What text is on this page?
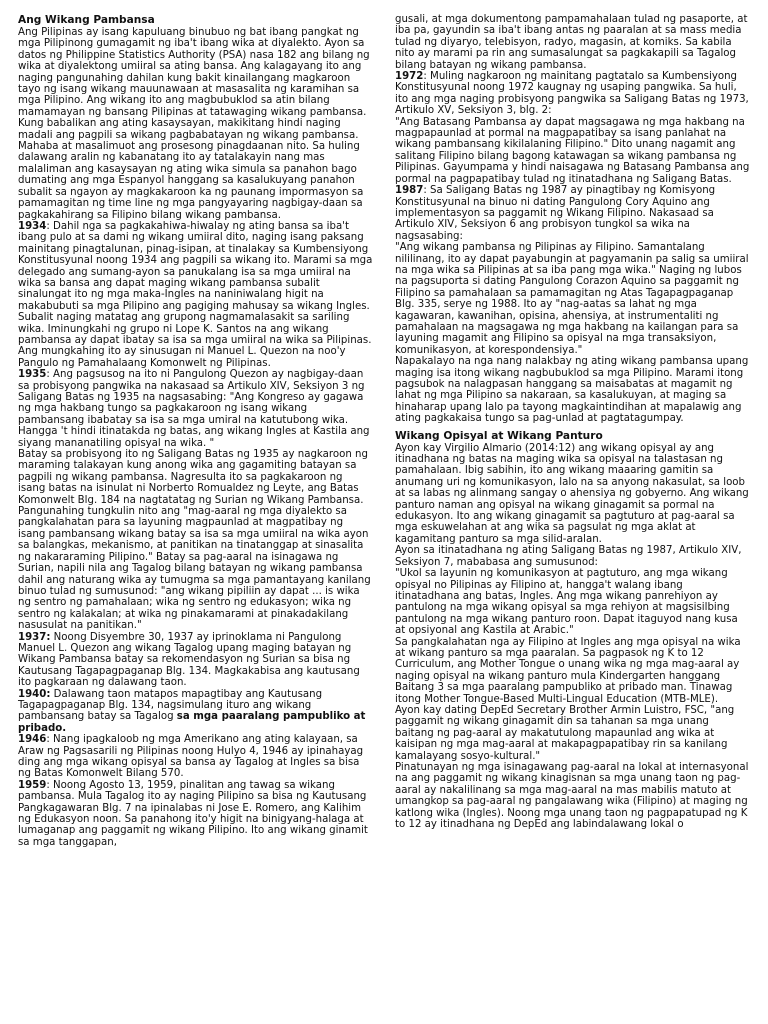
Ang Wikang Pambansa

Ang Pilipinas ay isang kapuluang binubuo ng bat ibang pangkat ng mga Pilipinong gumagamit ng iba't ibang wika at diyalekto. Ayon sa datos ng Philippine Statistics Authority (PSA) nasa 182 ang bilang ng wika at diyalektong umiiral sa ating bansa. Ang kalagayang ito ang naging pangunahing dahilan kung bakit kinailangang magkaroon tayo ng isang wikang mauunawaan at masasalita ng karamihan sa mga Pilipino. Ang wikang ito ang magbubuklod sa atin bilang mamamayan ng bansang Pilipinas at tatawaging wikang pambansa.

Kung babalikan ang ating kasaysayan, makikitang hindi naging madali ang pagpili sa wikang pagbabatayan ng wikang pambansa. Mahaba at masalimuot ang prosesong pinagdaanan nito. Sa huling dalawang aralin ng kabanatang ito ay tatalakayin nang mas malaliman ang kasaysayan ng ating wika simula sa panahon bago dumating ang mga Espanyol hanggang sa kasalukuyang panahon subalit sa ngayon ay magkakaroon ka ng paunang impormasyon sa pamamagitan ng time line ng mga pangyayaring nagbigay-daan sa pagkakahirang sa Filipino bilang wikang pambansa.

1934: Dahil nga sa pagkakahiwa-hiwalay ng ating bansa sa iba't ibang pulo at sa dami ng wikang umiiral dito, naging isang paksang mainitang pinagtalunan, pinag-isipan, at tinalakay sa Kumbensiyong Konstitusyunal noong 1934 ang pagpili sa wikang ito. Marami sa mga delegado ang sumang-ayon sa panukalang isa sa mga umiiral na wika sa bansa ang dapat maging wikang pambansa subalit sinalungat ito ng mga maka-Ingles na naniniwalang higit na makabubuti sa mga Pilipino ang pagiging mahusay sa wikang Ingles.

Subalit naging matatag ang grupong nagmamalasakit sa sariling wika. Iminungkahi ng grupo ni Lope K. Santos na ang wikang pambansa ay dapat ibatay sa isa sa mga umiiral na wika sa Pilipinas. Ang mungkahing ito ay sinusugan ni Manuel L. Quezon na noo'y Pangulo ng Pamahalaang Komonwelt ng Pilipinas.

1935: Ang pagsusog na ito ni Pangulong Quezon ay nagbigay-daan sa probisyong pangwika na nakasaad sa Artikulo XIV, Seksiyon 3 ng Saligang Batas ng 1935 na nagsasabing: "Ang Kongreso ay gagawa ng mga hakbang tungo sa pagkakaroon ng isang wikang pambansang ibabatay sa isa sa mga umiral na katutubong wika. Hangga 't hindi itinatakda ng batas, ang wikang Ingles at Kastila ang siyang mananatiling opisyal na wika. "

Batay sa probisyong ito ng Saligang Batas ng 1935 ay nagkaroon ng maraming talakayan kung anong wika ang gagamiting batayan sa pagpili ng wikang pambansa. Nagresulta ito sa pagkakaroon ng isang batas na isinulat ni Norberto Romualdez ng Leyte, ang Batas Komonwelt Blg. 184 na nagtatatag ng Surian ng Wikang Pambansa. Pangunahing tungkulin nito ang "mag-aaral ng mga diyalekto sa pangkalahatan para sa layuning magpaunlad at magpatibay ng isang pambansang wikang batay sa isa sa mga umiiral na wika ayon sa balangkas, mekanismo, at panitikan na tinatanggap at sinasalita ng nakararaming Pilipino." Batay sa pag-aaral na isinagawa ng Surian, napili nila ang Tagalog bilang batayan ng wikang pambansa dahil ang naturang wika ay tumugma sa mga pamantayang kanilang binuo tulad ng sumusunod: "ang wikang pipiliin ay dapat ... is wika ng sentro ng pamahalaan; wika ng sentro ng edukasyon; wika ng sentro ng kalakalan; at wika ng pinakamarami at pinakadakilang nasusulat na panitikan."

1937: Noong Disyembre 30, 1937 ay iprinoklama ni Pangulong Manuel L. Quezon ang wikang Tagalog upang maging batayan ng Wikang Pambansa batay sa rekomendasyon ng Surian sa bisa ng Kautusang Tagapagpaganap Blg. 134. Magkakabisa ang kautusang ito pagkaraan ng dalawang taon.

1940: Dalawang taon matapos mapagtibay ang Kautusang Tagapagpaganap Blg. 134, nagsimulang ituro ang wikang pambansang batay sa Tagalog sa mga paaralang pampubliko at pribado.

1946: Nang ipagkaloob ng mga Amerikano ang ating kalayaan, sa Araw ng Pagsasarili ng Pilipinas noong Hulyo 4, 1946 ay ipinahayag ding ang mga wikang opisyal sa bansa ay Tagalog at Ingles sa bisa ng Batas Komonwelt Bilang 570.

1959: Noong Agosto 13, 1959, pinalitan ang tawag sa wikang pambansa. Mula Tagalog ito ay naging Pilipino sa bisa ng Kautusang Pangkagawaran Blg. 7 na ipinalabas ni Jose E. Romero, ang Kalihim ng Edukasyon noon. Sa panahong ito'y higit na binigyang-halaga at lumaganap ang paggamit ng wikang Pilipino. Ito ang wikang ginamit sa mga tanggapan,

gusali, at mga dokumentong pampamahalaan tulad ng pasaporte, at iba pa, gayundin sa iba't ibang antas ng paaralan at sa mass media tulad ng diyaryo, telebisyon, radyo, magasin, at komiks. Sa kabila nito ay marami pa rin ang sumasalungat sa pagkakapili sa Tagalog bilang batayan ng wikang pambansa.

1972: Muling nagkaroon ng mainitang pagtatalo sa Kumbensiyong Konstitusyunal noong 1972 kaugnay ng usaping pangwika. Sa huli, ito ang mga naging probisyong pangwika sa Saligang Batas ng 1973, Artikulo XV, Seksiyon 3, blg. 2:

"Ang Batasang Pambansa ay dapat magsagawa ng mga hakbang na magpapaunlad at pormal na magpapatibay sa isang panlahat na wikang pambansang kikilalaning Filipino." Dito unang nagamit ang salitang Filipino bilang bagong katawagan sa wikang pambansa ng Pilipinas. Gayumpama y hindi naisagawa ng Batasang Pambansa ang pormal na pagpapatibay tulad ng itinatadhana ng Saligang Batas.

1987: Sa Saligang Batas ng 1987 ay pinagtibay ng Komisyong Konstitusyunal na binuo ni dating Pangulong Cory Aquino ang implementasyon sa paggamit ng Wikang Filipino. Nakasaad sa Artikulo XIV, Seksiyon 6 ang probisyon tungkol sa wika na nagsasabing:

"Ang wikang pambansa ng Pilipinas ay Filipino. Samantalang nililinang, ito ay dapat payabungin at pagyamanin pa salig sa umiiral na mga wika sa Pilipinas at sa iba pang mga wika." Naging ng lubos na pagsuporta si dating Pangulong Corazon Aquino sa paggamit ng Filipino sa pamahalaan sa pamamagitan ng Atas Tagapagpaganap Blg. 335, serye ng 1988. Ito ay "nag-aatas sa lahat ng mga kagawaran, kawanihan, opisina, ahensiya, at instrumentaliti ng pamahalaan na magsagawa ng mga hakbang na kailangan para sa layuning magamit ang Filipino sa opisyal na mga transaksiyon, komunikasyon, at korespondensiya."

Napakalayo na nga nang nalakbay ng ating wikang pambansa upang maging isa itong wikang nagbubuklod sa mga Pilipino. Marami itong pagsubok na nalagpasan hanggang sa maisabatas at magamit ng lahat ng mga Pilipino sa nakaraan, sa kasalukuyan, at maging sa hinaharap upang lalo pa tayong magkaintindihan at mapalawig ang ating pagkakaisa tungo sa pag-unlad at pagtatagumpay.

Wikang Opisyal at Wikang Panturo

Ayon kay Virgilio Almario (2014:12) ang wikang opisyal ay ang itinadhana ng batas na maging wika sa opisyal na talastasan ng pamahalaan. Ibig sabihin, ito ang wikang maaaring gamitin sa anumang uri ng komunikasyon, lalo na sa anyong nakasulat, sa loob at sa labas ng alinmang sangay o ahensiya ng gobyerno. Ang wikang panturo naman ang opisyal na wikang ginagamit sa pormal na edukasyon. Ito ang wikang ginagamit sa pagtuturo at pag-aaral sa mga eskuwelahan at ang wika sa pagsulat ng mga aklat at kagamitang panturo sa mga silid-aralan.

Ayon sa itinatadhana ng ating Saligang Batas ng 1987, Artikulo XIV, Seksiyon 7, mababasa ang sumusunod:

"Ukol sa layunin ng komunikasyon at pagtuturo, ang mga wikang opisyal no Pilipinas ay Filipino at, hangga't walang ibang itinatadhana ang batas, Ingles. Ang mga wikang panrehiyon ay pantulong na mga wikang opisyal sa mga rehiyon at magsisilbing pantulong na mga wikang panturo roon. Dapat itaguyod nang kusa at opsiyonal ang Kastila at Arabic."

Sa pangkalahatan nga ay Filipino at Ingles ang mga opisyal na wika at wikang panturo sa mga paaralan. Sa pagpasok ng K to 12 Curriculum, ang Mother Tongue o unang wika ng mga mag-aaral ay naging opisyal na wikang panturo mula Kindergarten hanggang Baitang 3 sa mga paaralang pampubliko at pribado man. Tinawag itong Mother Tongue-Based Multi-Lingual Education (MTB-MLE).

Ayon kay dating DepEd Secretary Brother Armin Luistro, FSC, "ang paggamit ng wikang ginagamit din sa tahanan sa mga unang baitang ng pag-aaral ay makatutulong mapaunlad ang wika at kaisipan ng mga mag-aaral at makapagpapatibay rin sa kanilang kamalayang sosyo-kultural."

Pinatunayan ng mga isinagawang pag-aaral na lokal at internasyonal na ang paggamit ng wikang kinagisnan sa mga unang taon ng pag-aaral ay nakalilinang sa mga mag-aaral na mas mabilis matuto at umangkop sa pag-aaral ng pangalawang wika (Filipino) at maging ng katlong wika (Ingles). Noong mga unang taon ng pagpapatupad ng K to 12 ay itinadhana ng DepEd ang labindalawang lokal o
